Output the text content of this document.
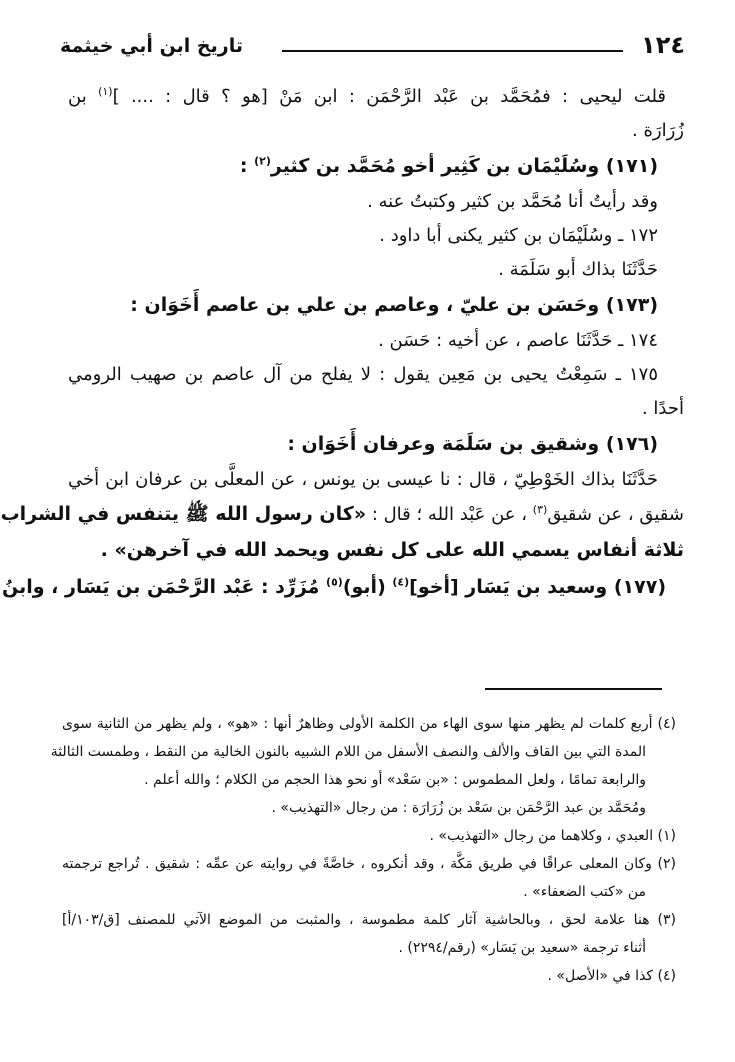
١٢٤
تاريخ ابن أبي خيثمة
قلت ليحيى : فمُحَمَّد بن عَبْد الرَّحْمَن : ابن مَنْ [هو ؟ قال : .... ]$^{(١)}$ بن
زُرَارَة .
(١٧١) وسُلَيْمَان بن كَثِير أخو مُحَمَّد بن كثير$^{(٢)}$ :
وقد رأيتُ أنا مُحَمَّد بن كثير وكتبتُ عنه .
١٧٢ ـ وسُلَيْمَان بن كثير يكنى أبا داود .
حَدَّثَنَا بذاك أبو سَلَمَة .
(١٧٣) وحَسَن بن عليّ ، وعاصم بن علي بن عاصم أَخَوَان :
١٧٤ ـ حَدَّثَنَا عاصم ، عن أخيه : حَسَن .
١٧٥ ـ سَمِعْتُ يحيى بن مَعِين يقول : لا يفلح من آل عاصم بن صهيب الرومي
أحدًا .
(١٧٦) وشقيق بن سَلَمَة وعرفان أَخَوَان :
حَدَّثَنَا بذاك الخَوْطِيّ ، قال : نا عيسى بن يونس ، عن المعلَّى بن عرفان ابن أخي
شقيق ، عن شقيق$^{(٣)}$ ، عن عَبْد الله ؛ قال : «كان رسول الله ﷺ يتنفس في الشراب
ثلاثة أنفاس يسمي الله على كل نفس ويحمد الله في آخرهن» .
(١٧٧) وسعيد بن يَسَار [أخو]$^{(٤)}$ (أبو)$^{(٥)}$ مُزَرِّد : عَبْد الرَّحْمَن بن يَسَار ، وابنُ
(٤) أربع كلمات لم يظهر منها سوى الهاء من الكلمة الأولى وظاهرٌ أنها : «هو» ، ولم يظهر من الثانية سوى
المدة التي بين القاف والألف والنصف الأسفل من اللام الشبيه بالنون الخالية من النقط ، وطمست الثالثة
والرابعة تمامًا ، ولعل المطموس : «بن سَعْد» أو نحو هذا الحجم من الكلام ؛ والله أعلم .
ومُحَمَّد بن عبد الرَّحْمَن بن سَعْد بن زُرَارَة : من رجال «التهذيب» .
(١) العبدي ، وكلاهما من رجال «التهذيب» .
(٢) وكان المعلى عراقًا في طريق مَكَّة ، وقد أنكروه ، خاصَّةً في روايته عن عمِّه : شقيق . تُراجع ترجمته
من «كتب الضعفاء» .
(٣) هنا علامة لحق ، وبالحاشية آثار كلمة مطموسة ، والمثبت من الموضع الآتي للمصنف [ق/١٠٣/أ]
أثناء ترجمة «سعيد بن يَسَار» (رقم/٢٢٩٤) .
(٤) كذا في «الأصل» .
